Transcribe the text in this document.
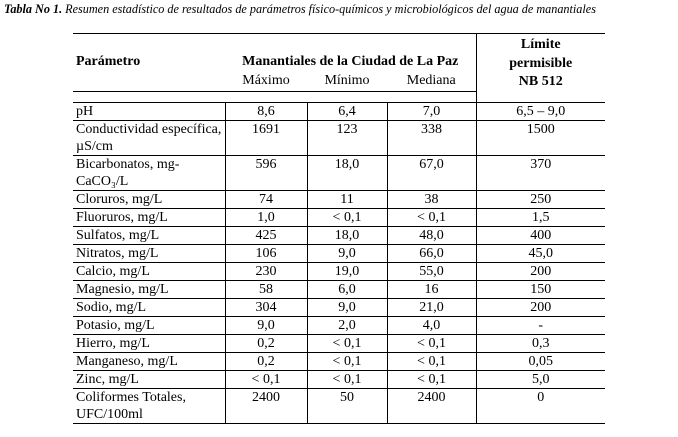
Tabla No 1. Resumen estadístico de resultados de parámetros físico-químicos y microbiológicos del agua de manantiales
Parámetro	Manantiales de la Ciudad de La Paz			Límite
permisible
NB 512

	Máximo	Mínimo	Mediana	

pH	8,6	6,4	7,0	6,5 – 9,0
Conductividad específica, µS/cm	1691	123	338	1500
Bicarbonatos, mg-CaCO₃/L	596	18,0	67,0	370
Cloruros, mg/L	74	11	38	250
Fluoruros, mg/L	1,0	< 0,1	< 0,1	1,5
Sulfatos, mg/L	425	18,0	48,0	400
Nitratos, mg/L	106	9,0	66,0	45,0
Calcio, mg/L	230	19,0	55,0	200
Magnesio, mg/L	58	6,0	16	150
Sodio, mg/L	304	9,0	21,0	200
Potasio, mg/L	9,0	2,0	4,0	-
Hierro, mg/L	0,2	< 0,1	< 0,1	0,3
Manganeso, mg/L	0,2	< 0,1	< 0,1	0,05
Zinc, mg/L	< 0,1	< 0,1	< 0,1	5,0
Coliformes Totales, UFC/100ml	2400	50	2400	0
